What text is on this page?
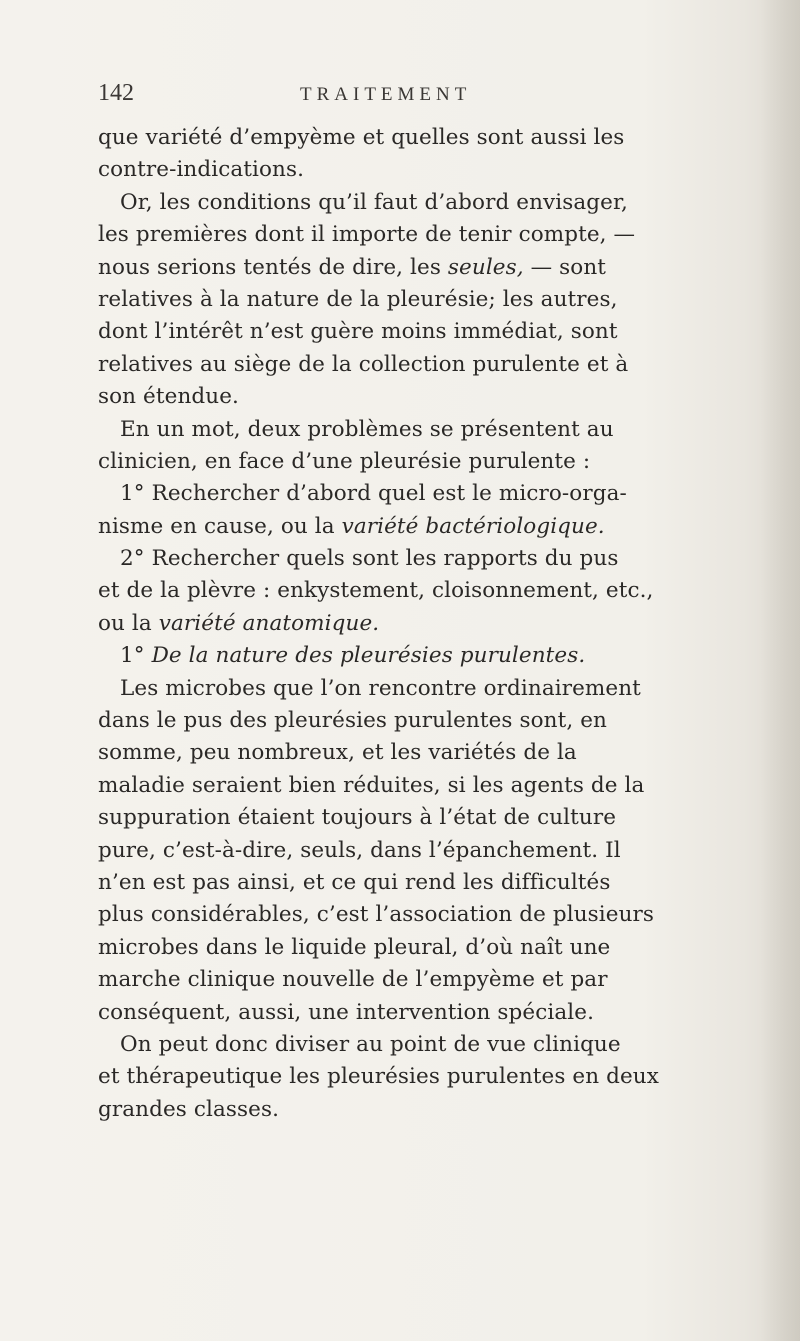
142	TRAITEMENT
que variété d’empyème et quelles sont aussi les
contre-indications.
Or, les conditions qu’il faut d’abord envisager,
les premières dont il importe de tenir compte, —
nous serions tentés de dire, les seules, — sont
relatives à la nature de la pleurésie; les autres,
dont l’intérêt n’est guère moins immédiat, sont
relatives au siège de la collection purulente et à
son étendue.
En un mot, deux problèmes se présentent au
clinicien, en face d’une pleurésie purulente :
1° Rechercher d’abord quel est le micro-orga-
nisme en cause, ou la variété bactériologique.
2° Rechercher quels sont les rapports du pus
et de la plèvre : enkystement, cloisonnement, etc.,
ou la variété anatomique.
1° De la nature des pleurésies purulentes.
Les microbes que l’on rencontre ordinairement
dans le pus des pleurésies purulentes sont, en
somme, peu nombreux, et les variétés de la
maladie seraient bien réduites, si les agents de la
suppuration étaient toujours à l’état de culture
pure, c’est-à-dire, seuls, dans l’épanchement. Il
n’en est pas ainsi, et ce qui rend les difficultés
plus considérables, c’est l’association de plusieurs
microbes dans le liquide pleural, d’où naît une
marche clinique nouvelle de l’empyème et par
conséquent, aussi, une intervention spéciale.
On peut donc diviser au point de vue clinique
et thérapeutique les pleurésies purulentes en deux
grandes classes.
